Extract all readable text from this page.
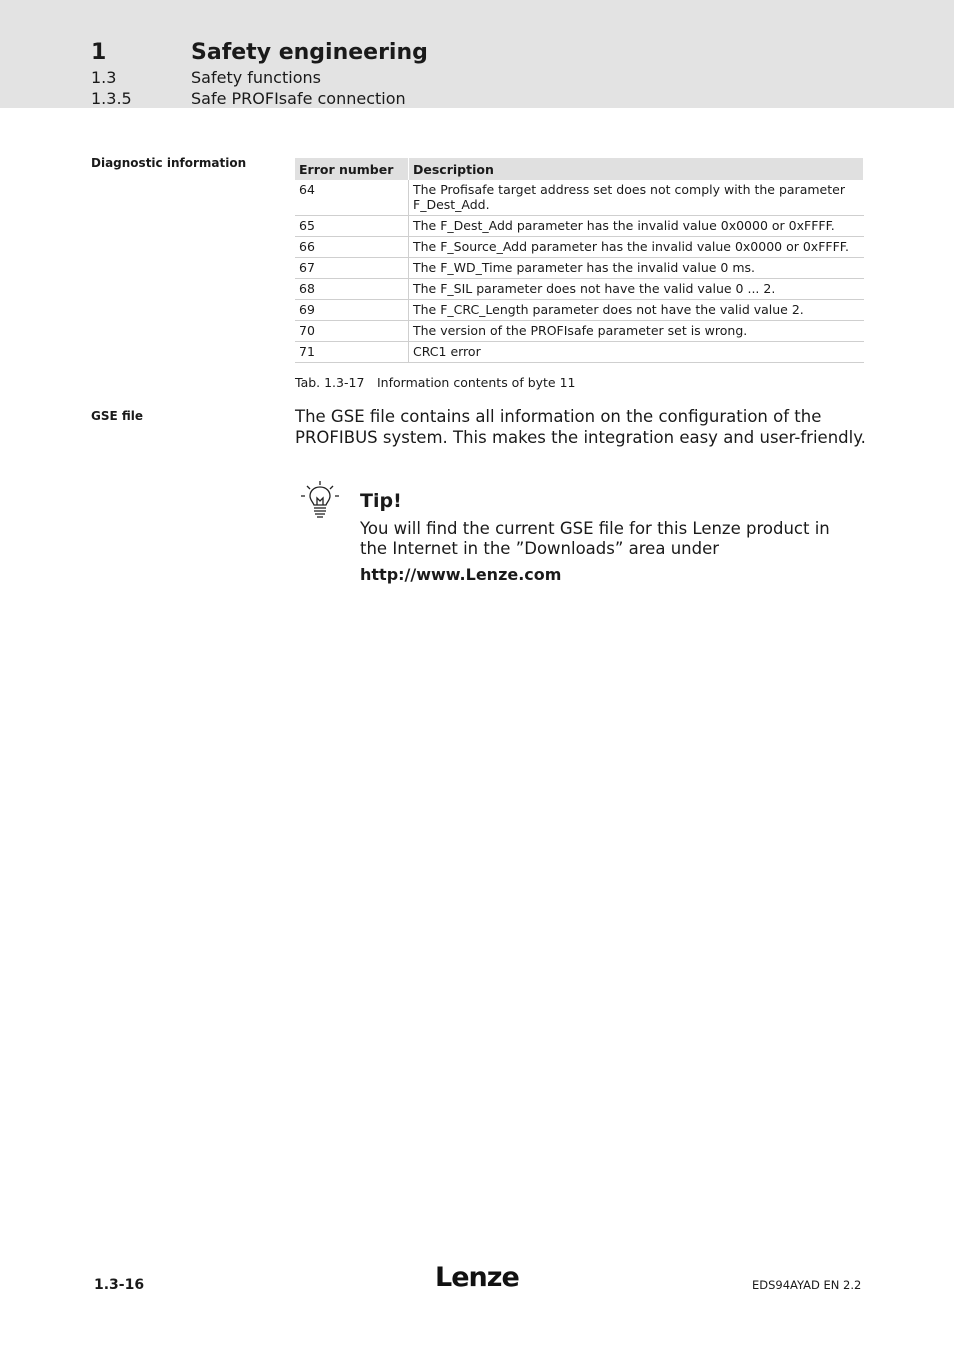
1	Safety engineering
1.3	Safety functions
1.3.5	Safe PROFIsafe connection
Diagnostic information	Error number	Description
64	The Profisafe target address set does not comply with the parameter F_Dest_Add.
65	The F_Dest_Add parameter has the invalid value 0x0000 or 0xFFFF.
66	The F_Source_Add parameter has the invalid value 0x0000 or 0xFFFF.
67	The F_WD_Time parameter has the invalid value 0 ms.
68	The F_SIL parameter does not have the valid value 0 ... 2.
69	The F_CRC_Length parameter does not have the valid value 2.
70	The version of the PROFIsafe parameter set is wrong.
71	CRC1 error
Tab. 1.3-17	Information contents of byte 11
GSE file	The GSE file contains all information on the configuration of the PROFIBUS system. This makes the integration easy and user-friendly.

Tip!

You will find the current GSE file for this Lenze product in the Internet in the ”Downloads” area under

http://www.Lenze.com
1.3-16	Lenze	EDS94AYAD EN 2.2
